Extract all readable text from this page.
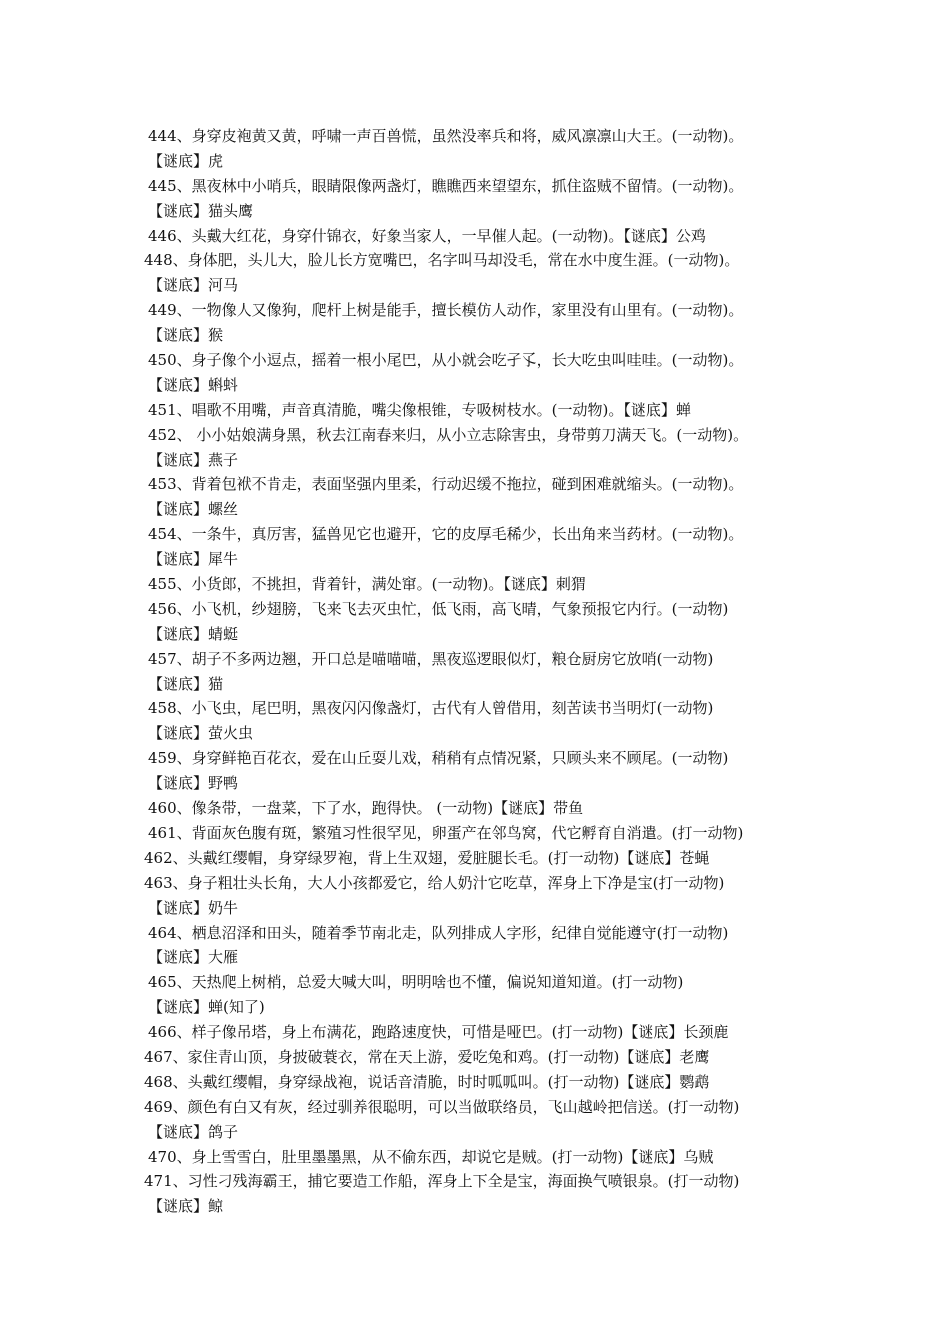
444、身穿皮袍黄又黄，呼啸一声百兽慌，虽然没率兵和将，威风凛凛山大王。(一动物)。
【谜底】虎
445、黑夜林中小哨兵，眼睛限像两盏灯，瞧瞧西来望望东，抓住盗贼不留情。(一动物)。
【谜底】猫头鹰
446、头戴大红花，身穿什锦衣，好象当家人，一早催人起。(一动物)。【谜底】公鸡
448、身体肥，头儿大，脸儿长方宽嘴巴，名字叫马却没毛，常在水中度生涯。(一动物)。
【谜底】河马
449、一物像人又像狗，爬杆上树是能手，擅长模仿人动作，家里没有山里有。(一动物)。
【谜底】猴
450、身子像个小逗点，摇着一根小尾巴，从小就会吃孑孓，长大吃虫叫哇哇。(一动物)。
【谜底】蝌蚪
451、唱歌不用嘴，声音真清脆，嘴尖像根锥，专吸树枝水。(一动物)。【谜底】蝉
452、 小小姑娘满身黑，秋去江南春来归，从小立志除害虫，身带剪刀满天飞。(一动物)。
【谜底】燕子
453、背着包袱不肯走，表面坚强内里柔，行动迟缓不拖拉，碰到困难就缩头。(一动物)。
【谜底】螺丝
454、一条牛，真厉害，猛兽见它也避开，它的皮厚毛稀少，长出角来当药材。(一动物)。
【谜底】犀牛
455、小货郎，不挑担，背着针，满处窜。(一动物)。【谜底】刺猬
456、小飞机，纱翅膀，飞来飞去灭虫忙，低飞雨，高飞晴，气象预报它内行。(一动物)
【谜底】蜻蜓
457、胡子不多两边翘，开口总是喵喵喵，黑夜巡逻眼似灯，粮仓厨房它放哨(一动物)
【谜底】猫
458、小飞虫，尾巴明，黑夜闪闪像盏灯，古代有人曾借用，刻苦读书当明灯(一动物)
【谜底】萤火虫
459、身穿鲜艳百花衣，爱在山丘耍儿戏，稍稍有点情况紧，只顾头来不顾尾。(一动物)
【谜底】野鸭
460、像条带，一盘菜，下了水，跑得快。 (一动物)【谜底】带鱼
461、背面灰色腹有斑，繁殖习性很罕见，卵蛋产在邻鸟窝，代它孵育自消遣。(打一动物)
462、头戴红缨帽，身穿绿罗袍，背上生双翅，爱脏腿长毛。(打一动物)【谜底】苍蝇
463、身子粗壮头长角，大人小孩都爱它，给人奶汁它吃草，浑身上下净是宝(打一动物)
【谜底】奶牛
464、栖息沼泽和田头，随着季节南北走，队列排成人字形，纪律自觉能遵守(打一动物)
【谜底】大雁
465、天热爬上树梢，总爱大喊大叫，明明啥也不懂，偏说知道知道。(打一动物)
【谜底】蝉(知了)
466、样子像吊塔，身上布满花，跑路速度快，可惜是哑巴。(打一动物)【谜底】长颈鹿
467、家住青山顶，身披破蓑衣，常在天上游，爱吃兔和鸡。(打一动物)【谜底】老鹰
468、头戴红缨帽，身穿绿战袍，说话音清脆，时时呱呱叫。(打一动物)【谜底】鹦鹉
469、颜色有白又有灰，经过驯养很聪明，可以当做联络员，飞山越岭把信送。(打一动物)
【谜底】鸽子
470、身上雪雪白，肚里墨墨黑，从不偷东西，却说它是贼。(打一动物)【谜底】乌贼
471、习性刁残海霸王，捕它要造工作船，浑身上下全是宝，海面换气喷银泉。(打一动物)
【谜底】鲸
